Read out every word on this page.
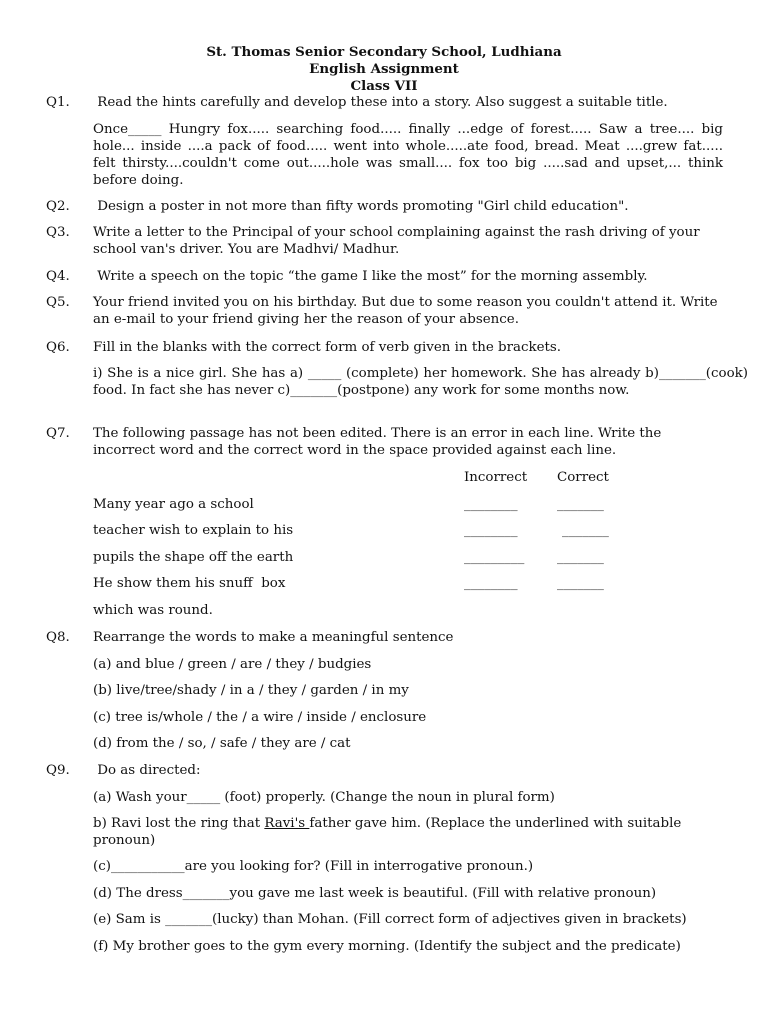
St. Thomas Senior Secondary School, Ludhiana
English Assignment
Class VII
Q1. Read the hints carefully and develop these into a story. Also suggest a suitable title.
Once_____ Hungry fox..... searching food..... finally ...edge of forest..... Saw a tree.... big hole... inside ....a pack of food..... went into whole.....ate food, bread. Meat ....grew fat..... felt thirsty....couldn't come out.....hole was small.... fox too big .....sad and upset,... think before doing.
Q2. Design a poster in not more than fifty words promoting "Girl child education".
Q3. Write a letter to the Principal of your school complaining against the rash driving of your school van's driver. You are Madhvi/ Madhur.
Q4. Write a speech on the topic “the game I like the most” for the morning assembly.
Q5. Your friend invited you on his birthday. But due to some reason you couldn't attend it. Write an e-mail to your friend giving her the reason of your absence.
Q6. Fill in the blanks with the correct form of verb given in the brackets.
i) She is a nice girl. She has a) _____ (complete) her homework. She has already b)_______(cook) food. In fact she has never c)_______(postpone) any work for some months now.
Q7. The following passage has not been edited. There is an error in each line. Write the incorrect word and the correct word in the space provided against each line.
Incorrect Correct
Many year ago a school	________	_______
teacher wish to explain to his	________	_______
pupils the shape off the earth	_________ _______
He show them his snuff  box	________	_______
which was round.
Q8. Rearrange the words to make a meaningful sentence
(a) and blue / green / are / they / budgies
(b) live/tree/shady / in a / they / garden / in my
(c) tree is/whole / the / a wire / inside / enclosure
(d) from the / so, / safe / they are / cat
Q9. Do as directed:
(a) Wash your_____ (foot) properly. (Change the noun in plural form)
b) Ravi lost the ring that Ravi's father gave him. (Replace the underlined with suitable
pronoun)
(c)___________are you looking for? (Fill in interrogative pronoun.)
(d) The dress_______you gave me last week is beautiful. (Fill with relative pronoun)
(e) Sam is _______(lucky) than Mohan. (Fill correct form of adjectives given in brackets)
(f) My brother goes to the gym every morning. (Identify the subject and the predicate)
